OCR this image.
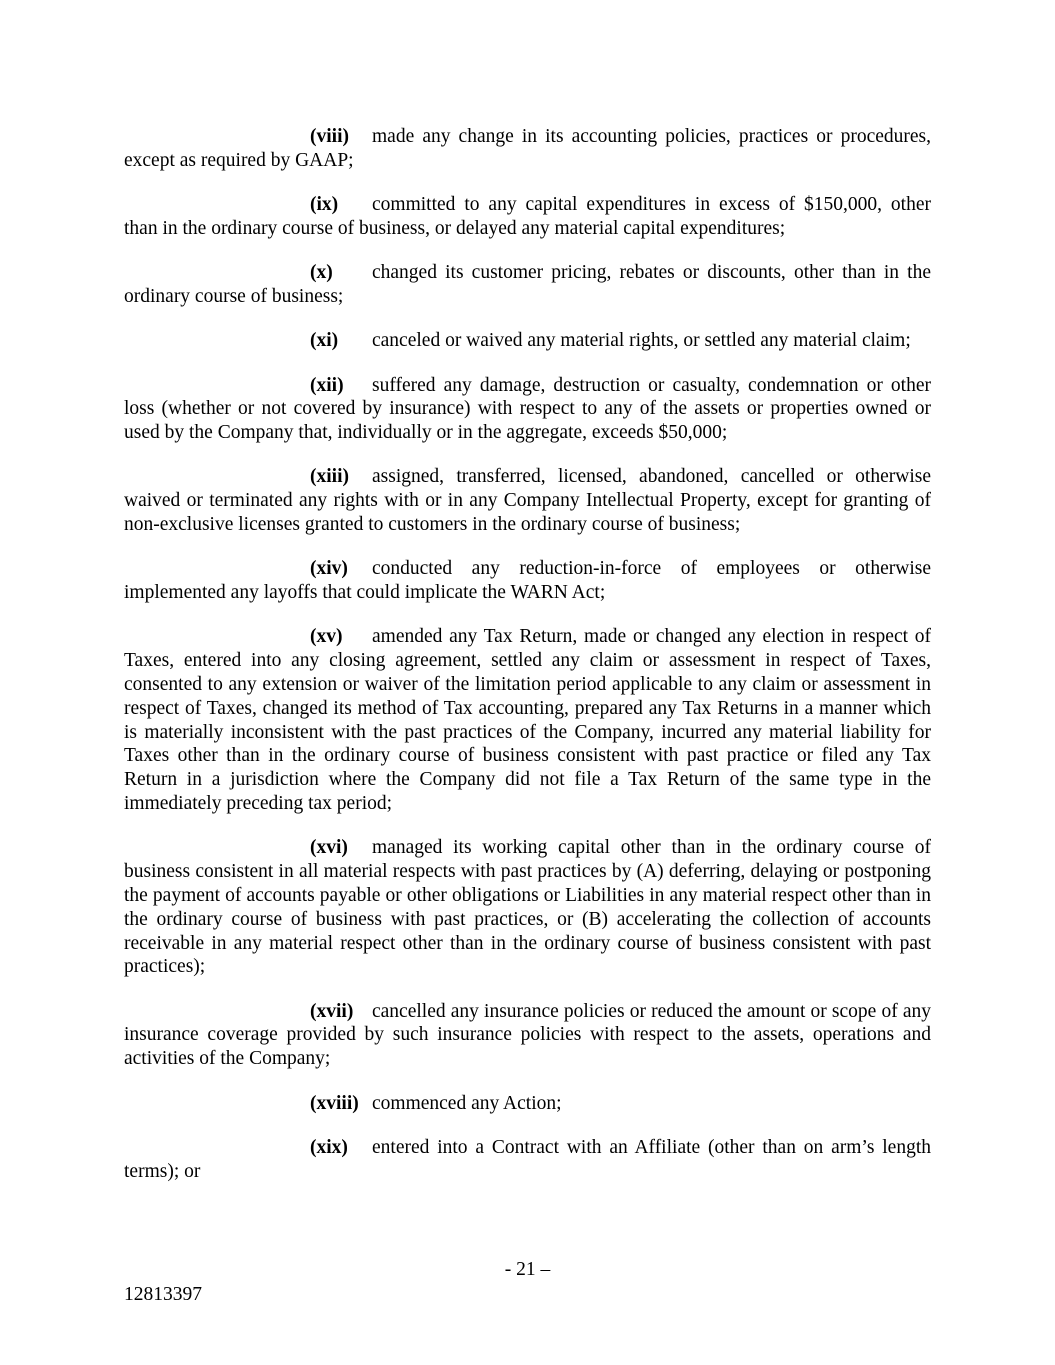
(viii) made any change in its accounting policies, practices or procedures, except as required by GAAP;

(ix) committed to any capital expenditures in excess of $150,000, other than in the ordinary course of business, or delayed any material capital expenditures;

(x) changed its customer pricing, rebates or discounts, other than in the ordinary course of business;

(xi) canceled or waived any material rights, or settled any material claim;

(xii) suffered any damage, destruction or casualty, condemnation or other loss (whether or not covered by insurance) with respect to any of the assets or properties owned or used by the Company that, individually or in the aggregate, exceeds $50,000;

(xiii) assigned, transferred, licensed, abandoned, cancelled or otherwise waived or terminated any rights with or in any Company Intellectual Property, except for granting of non-exclusive licenses granted to customers in the ordinary course of business;

(xiv) conducted any reduction-in-force of employees or otherwise implemented any layoffs that could implicate the WARN Act;

(xv) amended any Tax Return, made or changed any election in respect of Taxes, entered into any closing agreement, settled any claim or assessment in respect of Taxes, consented to any extension or waiver of the limitation period applicable to any claim or assessment in respect of Taxes, changed its method of Tax accounting, prepared any Tax Returns in a manner which is materially inconsistent with the past practices of the Company, incurred any material liability for Taxes other than in the ordinary course of business consistent with past practice or filed any Tax Return in a jurisdiction where the Company did not file a Tax Return of the same type in the immediately preceding tax period;

(xvi) managed its working capital other than in the ordinary course of business consistent in all material respects with past practices by (A) deferring, delaying or postponing the payment of accounts payable or other obligations or Liabilities in any material respect other than in the ordinary course of business with past practices, or (B) accelerating the collection of accounts receivable in any material respect other than in the ordinary course of business consistent with past practices);

(xvii) cancelled any insurance policies or reduced the amount or scope of any insurance coverage provided by such insurance policies with respect to the assets, operations and activities of the Company;

(xviii) commenced any Action;

(xix) entered into a Contract with an Affiliate (other than on arm’s length terms); or

- 21 –
12813397
